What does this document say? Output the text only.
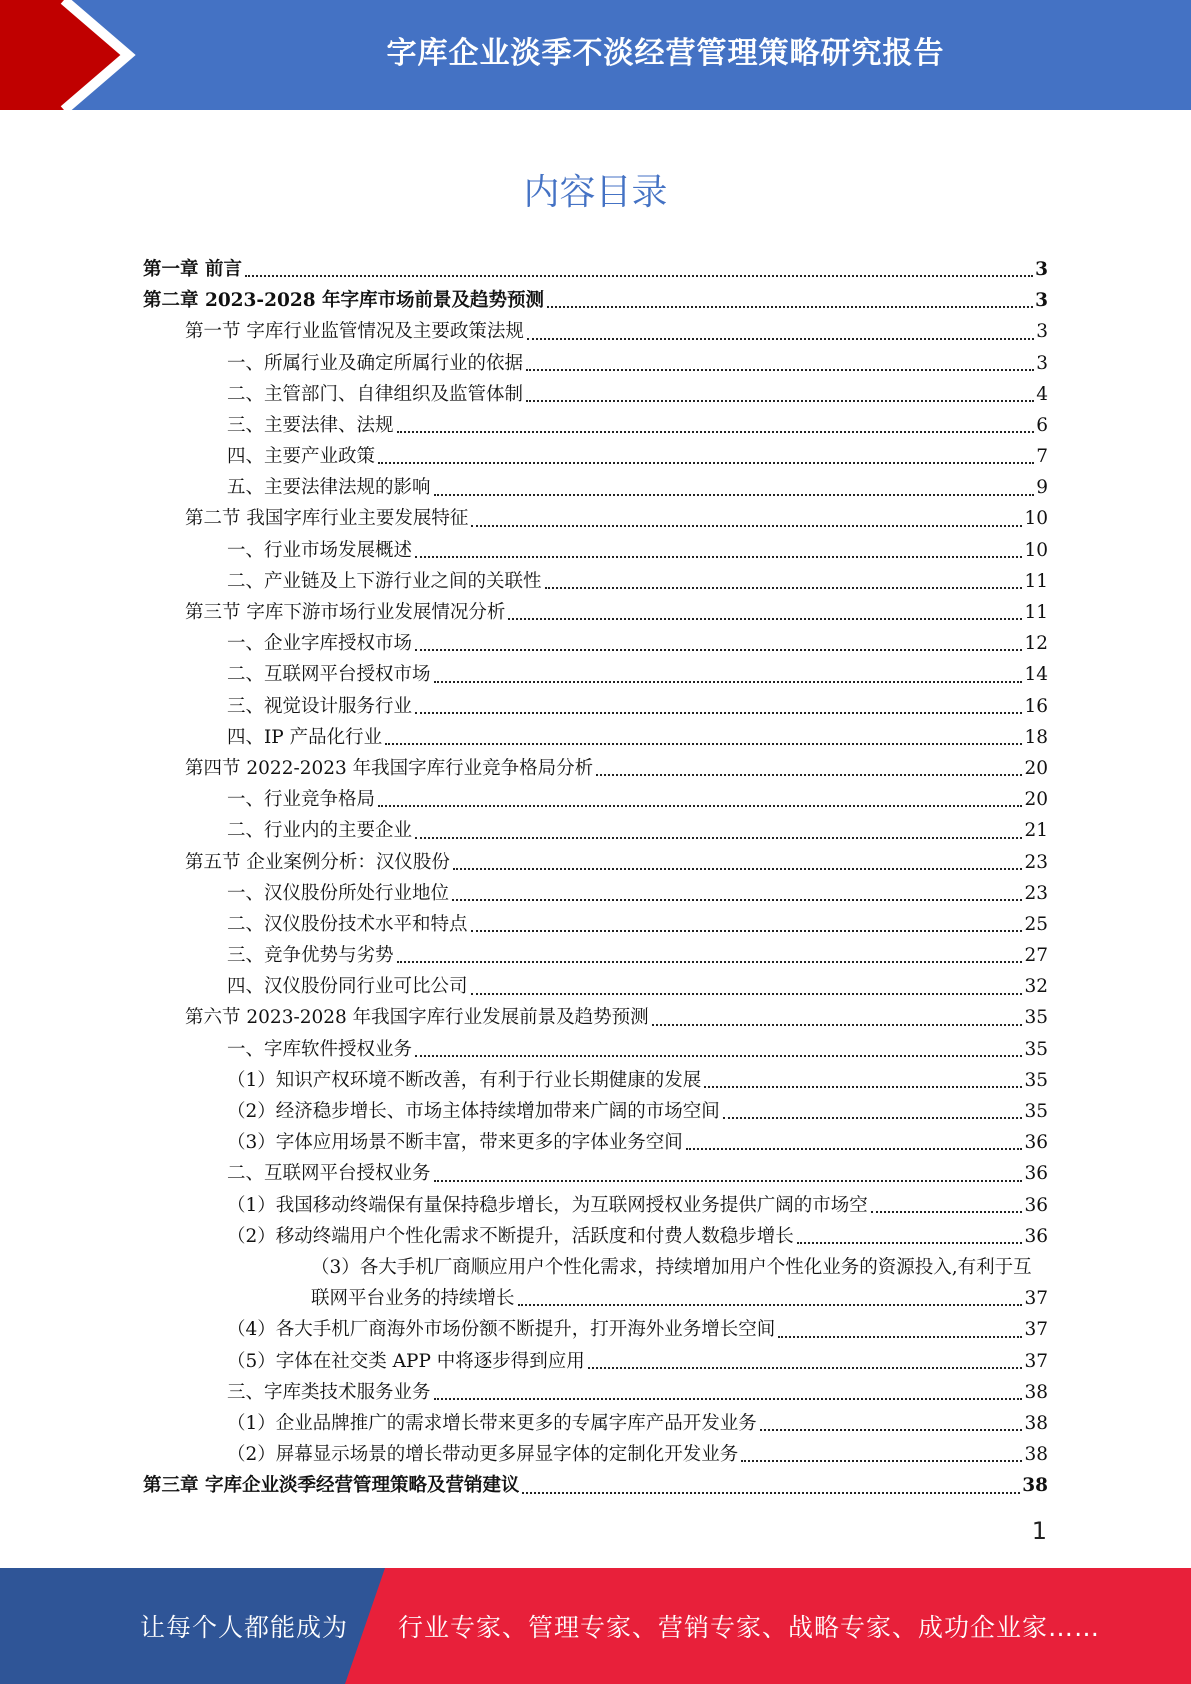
字库企业淡季不淡经营管理策略研究报告
内容目录
第一章 前言	3
第二章 2023-2028 年字库市场前景及趋势预测	3
第一节 字库行业监管情况及主要政策法规	3
一、所属行业及确定所属行业的依据	3
二、主管部门、自律组织及监管体制	4
三、主要法律、法规	6
四、主要产业政策	7
五、主要法律法规的影响	9
第二节 我国字库行业主要发展特征	10
一、行业市场发展概述	10
二、产业链及上下游行业之间的关联性	11
第三节 字库下游市场行业发展情况分析	11
一、企业字库授权市场	12
二、互联网平台授权市场	14
三、视觉设计服务行业	16
四、IP 产品化行业	18
第四节 2022-2023 年我国字库行业竞争格局分析	20
一、行业竞争格局	20
二、行业内的主要企业	21
第五节 企业案例分析：汉仪股份	23
一、汉仪股份所处行业地位	23
二、汉仪股份技术水平和特点	25
三、竞争优势与劣势	27
四、汉仪股份同行业可比公司	32
第六节 2023-2028 年我国字库行业发展前景及趋势预测	35
一、字库软件授权业务	35
（1）知识产权环境不断改善，有利于行业长期健康的发展	35
（2）经济稳步增长、市场主体持续增加带来广阔的市场空间	35
（3）字体应用场景不断丰富，带来更多的字体业务空间	36
二、互联网平台授权业务	36
（1）我国移动终端保有量保持稳步增长，为互联网授权业务提供广阔的市场空	36
（2）移动终端用户个性化需求不断提升，活跃度和付费人数稳步增长	36
（3）各大手机厂商顺应用户个性化需求，持续增加用户个性化业务的资源投入,有利于互
联网平台业务的持续增长	37
（4）各大手机厂商海外市场份额不断提升，打开海外业务增长空间	37
（5）字体在社交类 APP 中将逐步得到应用	37
三、字库类技术服务业务	38
（1）企业品牌推广的需求增长带来更多的专属字库产品开发业务	38
（2）屏幕显示场景的增长带动更多屏显字体的定制化开发业务	38
第三章 字库企业淡季经营管理策略及营销建议	38
1
让每个人都能成为 行业专家、管理专家、营销专家、战略专家、成功企业家……
